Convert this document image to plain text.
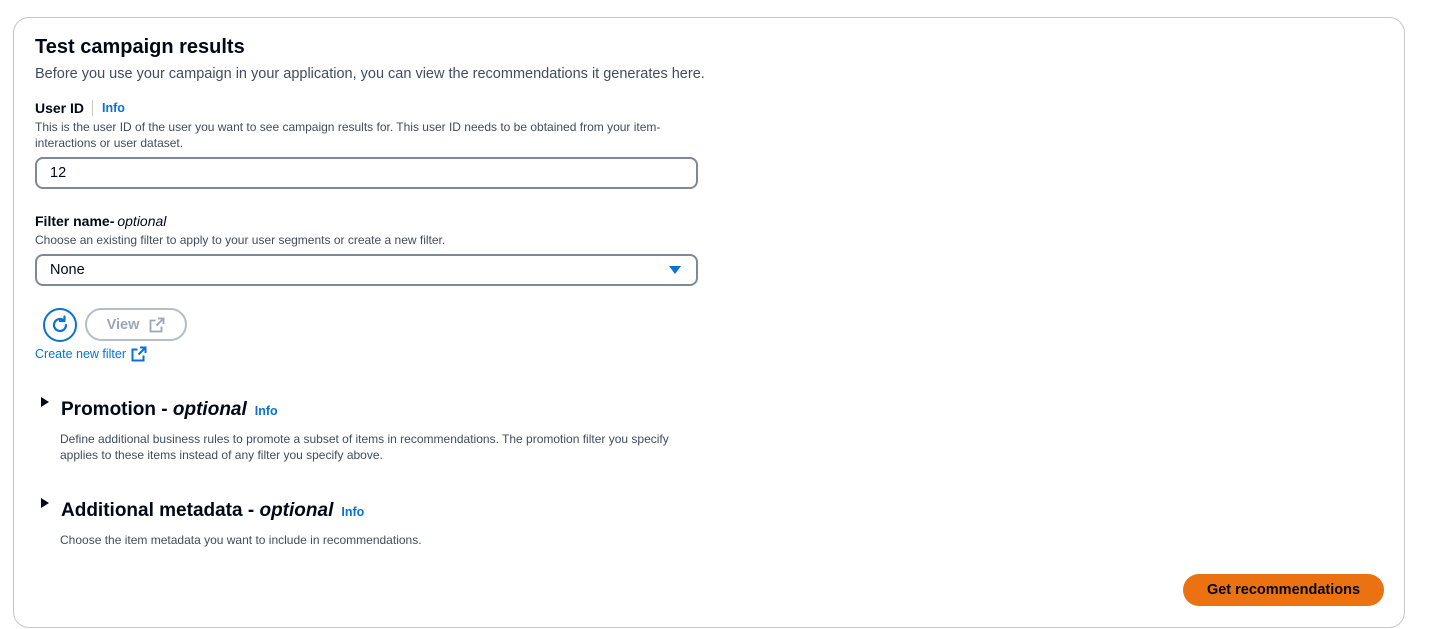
Test campaign results
Before you use your campaign in your application, you can view the recommendations it generates here.
User ID Info
This is the user ID of the user you want to see campaign results for. This user ID needs to be obtained from your item-interactions or user dataset.
12
Filter name- optional
Choose an existing filter to apply to your user segments or create a new filter.
None
View
Create new filter
Promotion - optional Info
Define additional business rules to promote a subset of items in recommendations. The promotion filter you specify applies to these items instead of any filter you specify above.
Additional metadata - optional Info
Choose the item metadata you want to include in recommendations.
Get recommendations
